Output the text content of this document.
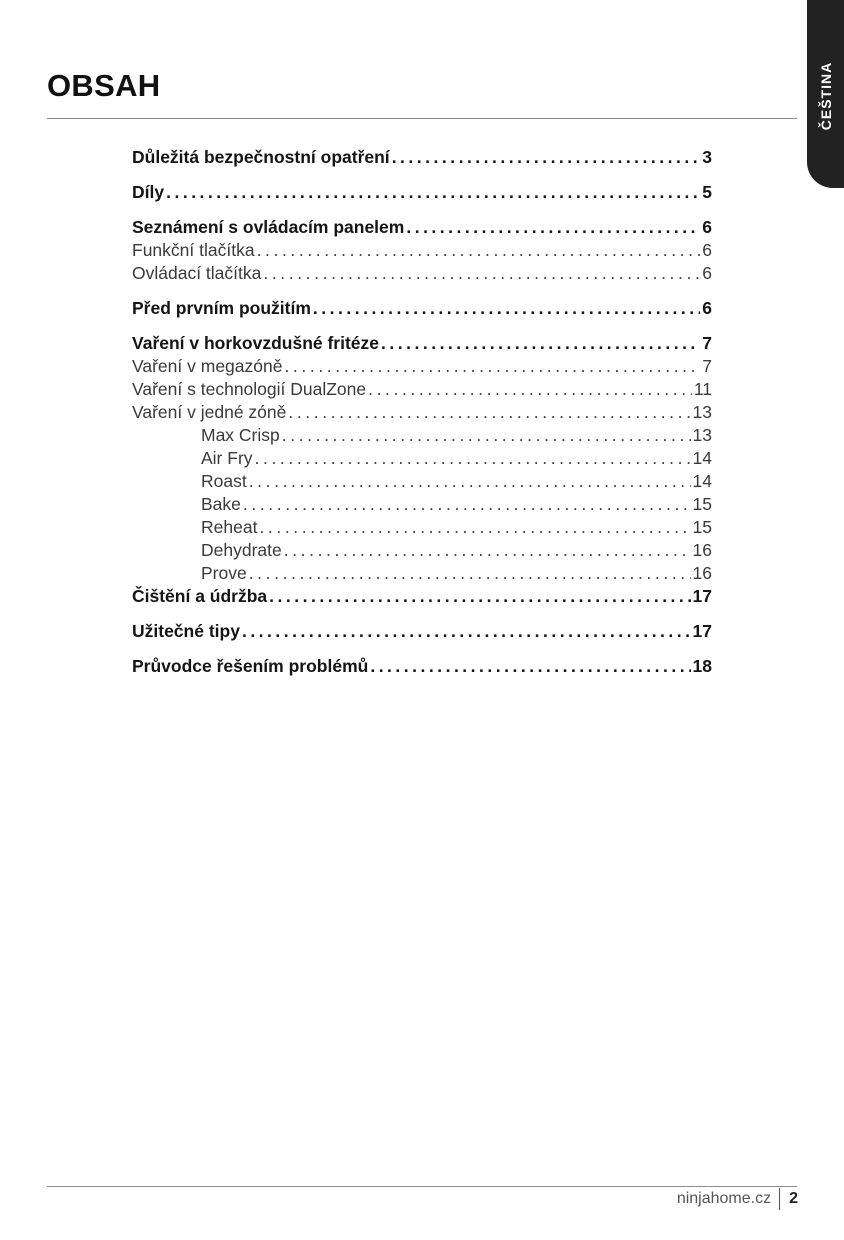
ČEŠTINA
OBSAH
Důležitá bezpečnostní opatření .....	3
Díly .....	5
Seznámení s ovládacím panelem .....	6
Funkční tlačítka .....	6
Ovládací tlačítka .....	6
Před prvním použitím .....	6
Vaření v horkovzdušné fritéze .....	7
Vaření v megazóně .....	7
Vaření s technologií DualZone .....	11
Vaření v jedné zóně .....	13
Max Crisp .....	13
Air Fry .....	14
Roast .....	14
Bake .....	15
Reheat .....	15
Dehydrate .....	16
Prove .....	16
Čištění a údržba .....	17
Užitečné tipy .....	17
Průvodce řešením problémů .....	18
ninjahome.cz	2
